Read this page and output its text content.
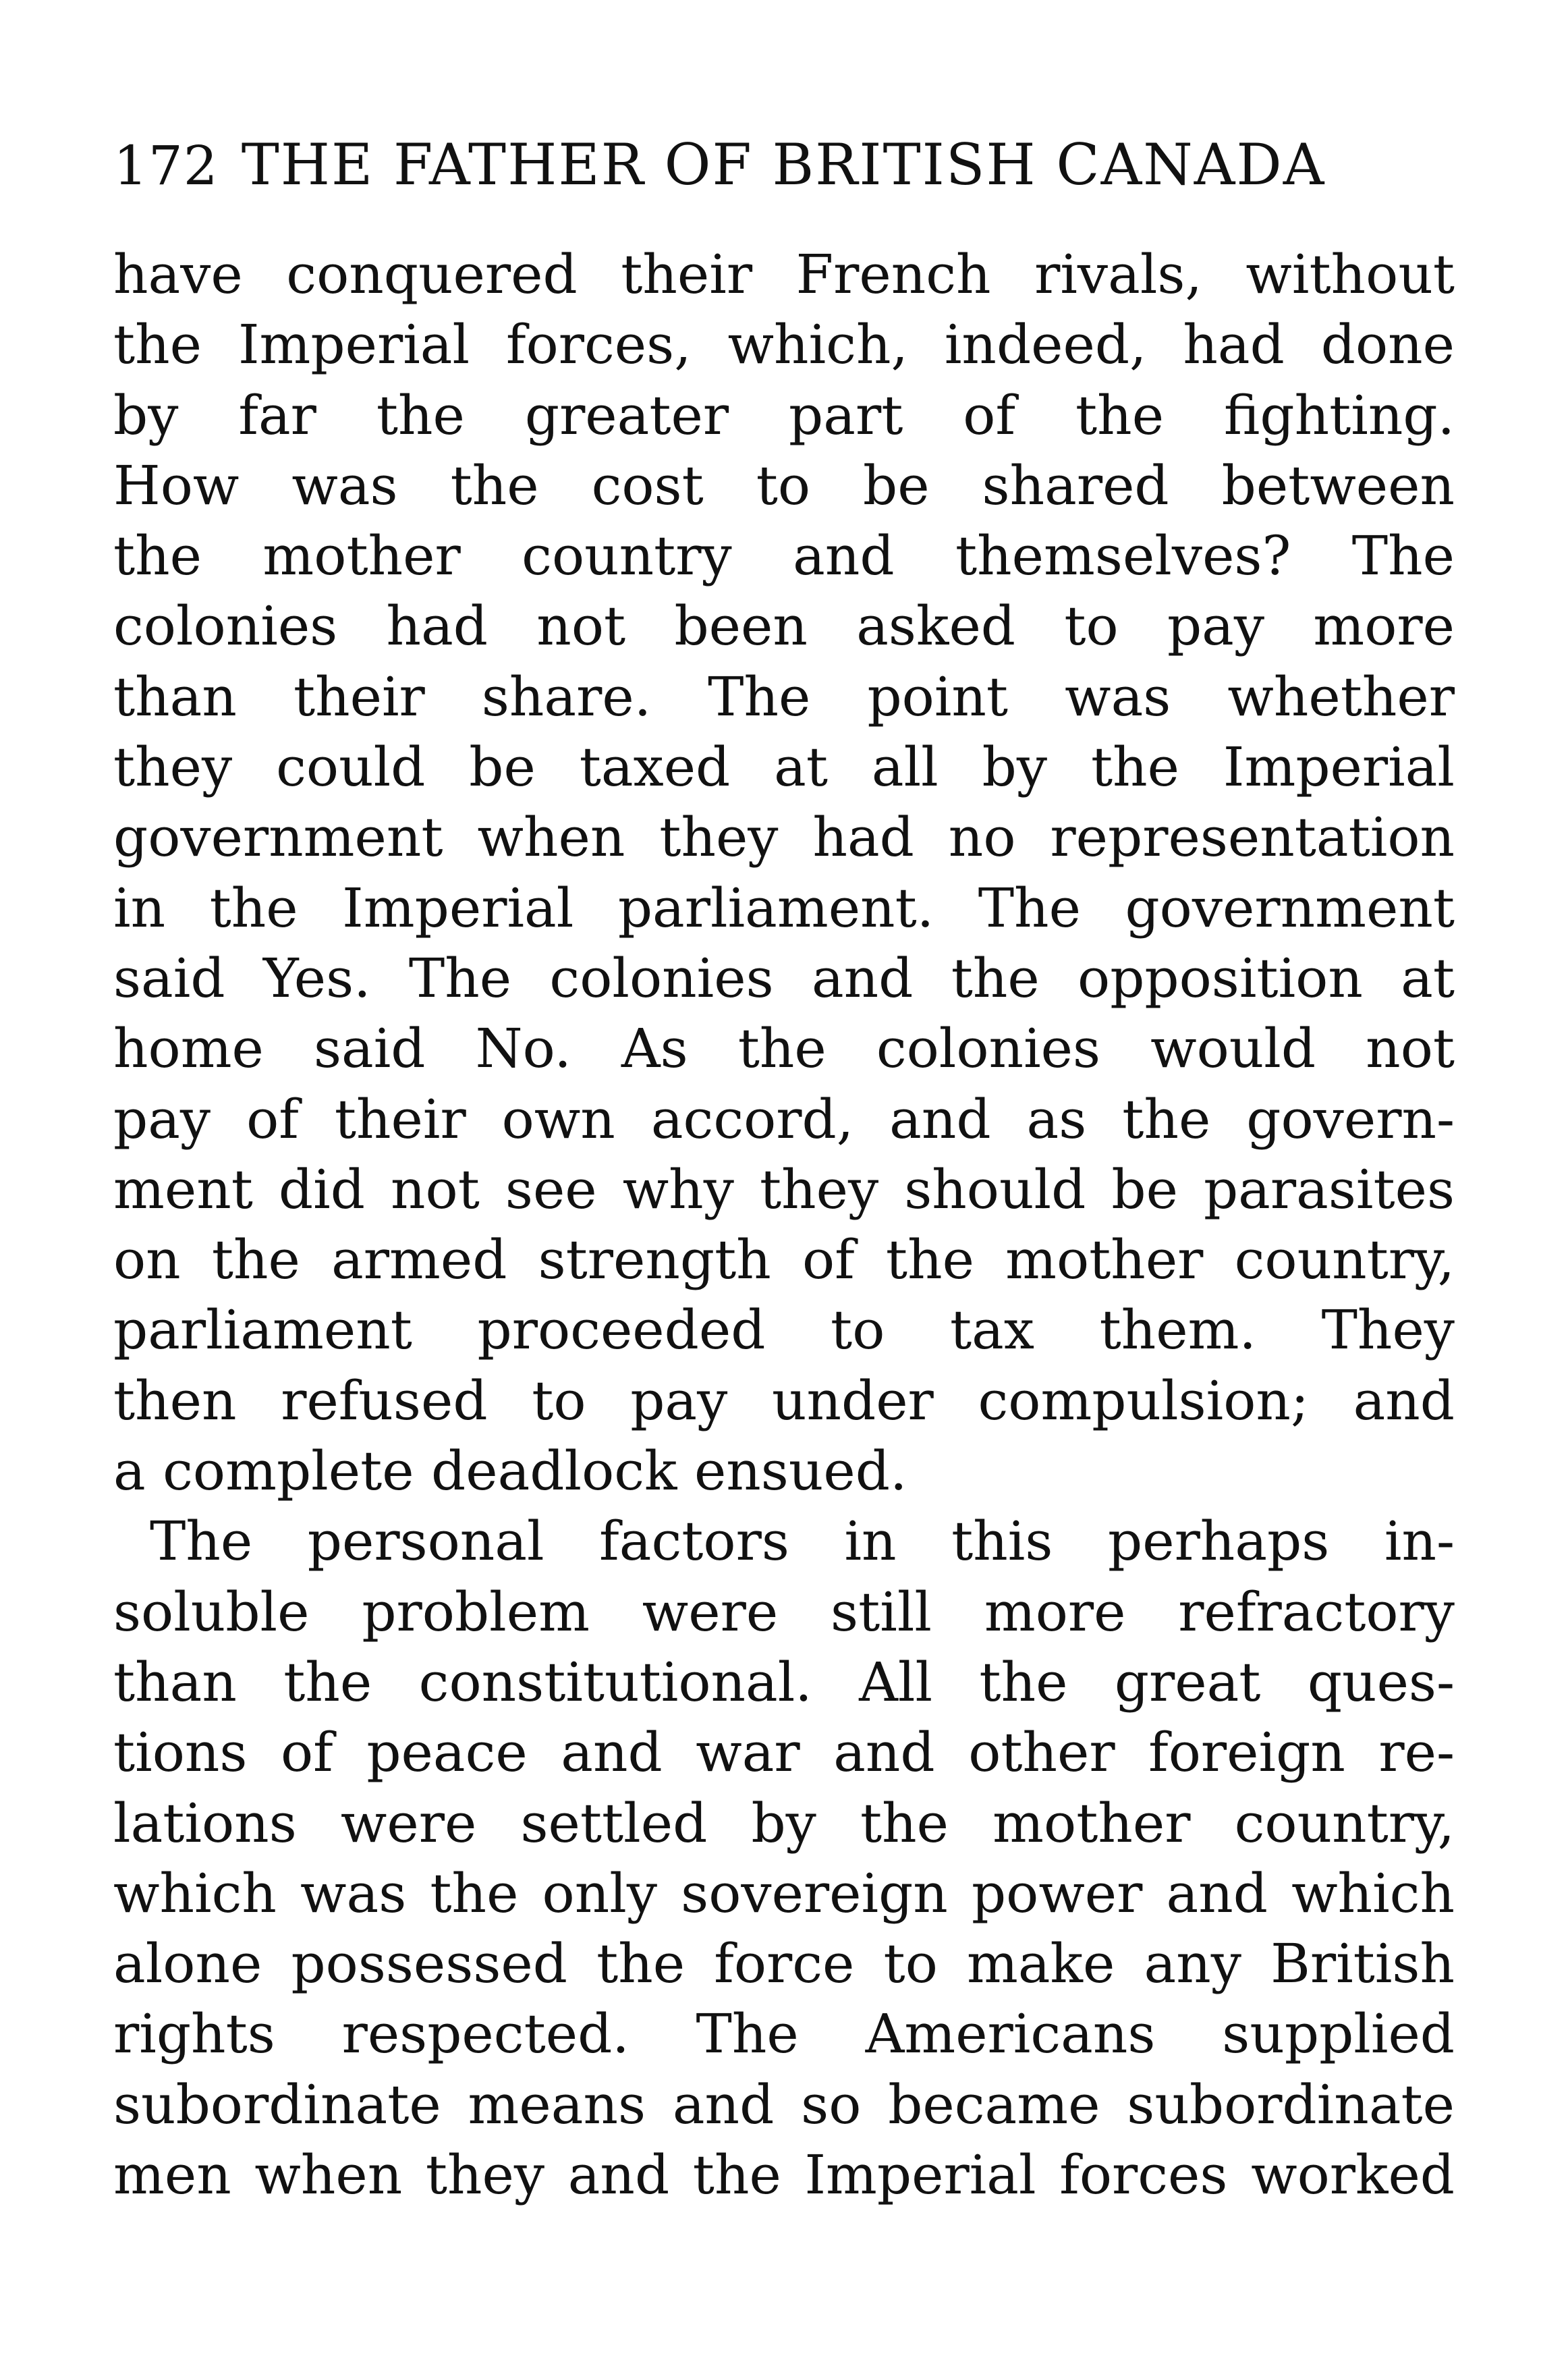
172 THE FATHER OF BRITISH CANADA
have conquered their French rivals, without
the Imperial forces, which, indeed, had done
by far the greater part of the fighting.
How was the cost to be shared between
the mother country and themselves? The
colonies had not been asked to pay more
than their share. The point was whether
they could be taxed at all by the Imperial
government when they had no representation
in the Imperial parliament. The government
said Yes. The colonies and the opposition at
home said No. As the colonies would not
pay of their own accord, and as the govern-
ment did not see why they should be parasites
on the armed strength of the mother country,
parliament proceeded to tax them. They
then refused to pay under compulsion; and
a complete deadlock ensued.
The personal factors in this perhaps in-
soluble problem were still more refractory
than the constitutional. All the great ques-
tions of peace and war and other foreign re-
lations were settled by the mother country,
which was the only sovereign power and which
alone possessed the force to make any British
rights respected. The Americans supplied
subordinate means and so became subordinate
men when they and the Imperial forces worked
